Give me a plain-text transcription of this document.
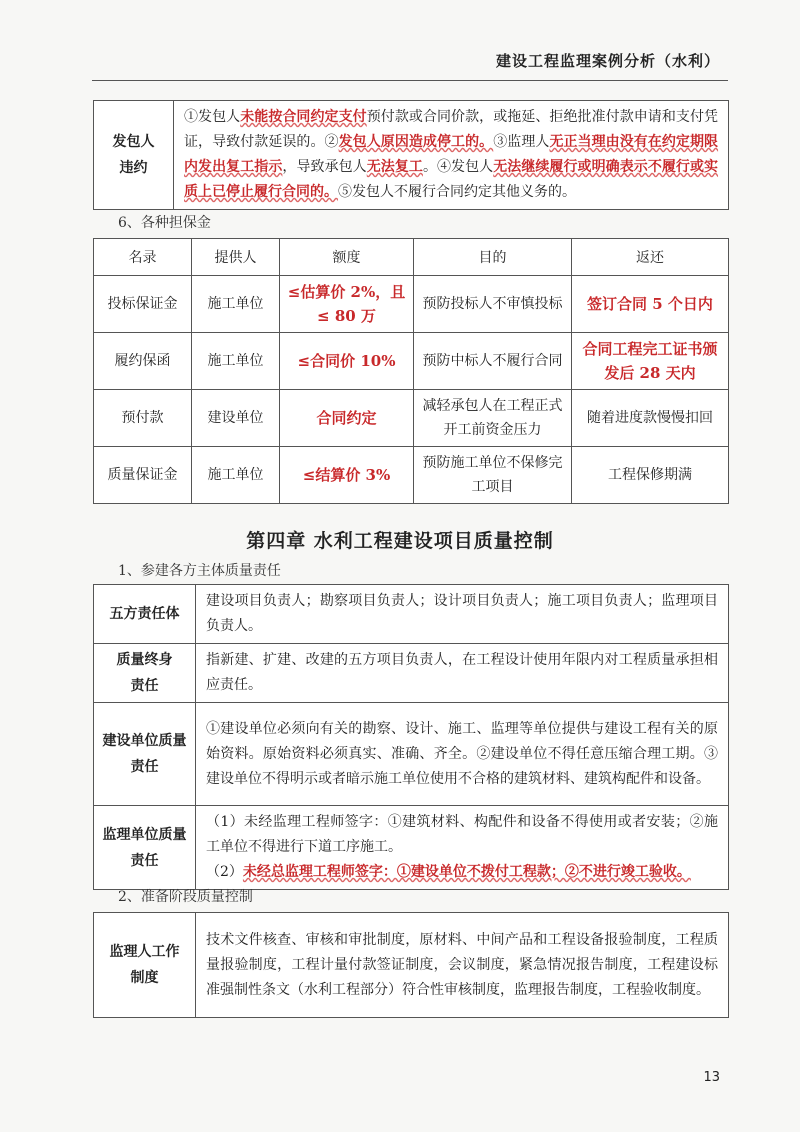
建设工程监理案例分析（水利）
发包人违约	①发包人未能按合同约定支付预付款或合同价款，或拖延、拒绝批准付款申请和支付凭证，导致付款延误的。②发包人原因造成停工的。③监理人无正当理由没有在约定期限内发出复工指示，导致承包人无法复工。④发包人无法继续履行或明确表示不履行或实质上已停止履行合同的。⑤发包人不履行合同约定其他义务的。
6、各种担保金
名录	提供人	额度	目的	返还
投标保证金	施工单位	≤估算价 2%，且≤ 80 万	预防投标人不审慎投标	签订合同 5 个日内
履约保函	施工单位	≤合同价 10%	预防中标人不履行合同	合同工程完工证书颁发后 28 天内
预付款	建设单位	合同约定	减轻承包人在工程正式开工前资金压力	随着进度款慢慢扣回
质量保证金	施工单位	≤结算价 3%	预防施工单位不保修完工项目	工程保修期满
第四章 水利工程建设项目质量控制
1、参建各方主体质量责任
五方责任体	建设项目负责人；勘察项目负责人；设计项目负责人；施工项目负责人；监理项目负责人。
质量终身责任	指新建、扩建、改建的五方项目负责人，在工程设计使用年限内对工程质量承担相应责任。
建设单位质量责任	①建设单位必须向有关的勘察、设计、施工、监理等单位提供与建设工程有关的原始资料。原始资料必须真实、准确、齐全。②建设单位不得任意压缩合理工期。③建设单位不得明示或者暗示施工单位使用不合格的建筑材料、建筑构配件和设备。
监理单位质量责任	（1）未经监理工程师签字：①建筑材料、构配件和设备不得使用或者安装；②施工单位不得进行下道工序施工。
（2）未经总监理工程师签字：①建设单位不拨付工程款；②不进行竣工验收。
2、准备阶段质量控制
监理人工作制度	技术文件核查、审核和审批制度，原材料、中间产品和工程设备报验制度，工程质量报验制度，工程计量付款签证制度，会议制度，紧急情况报告制度，工程建设标准强制性条文（水利工程部分）符合性审核制度，监理报告制度，工程验收制度。
13
